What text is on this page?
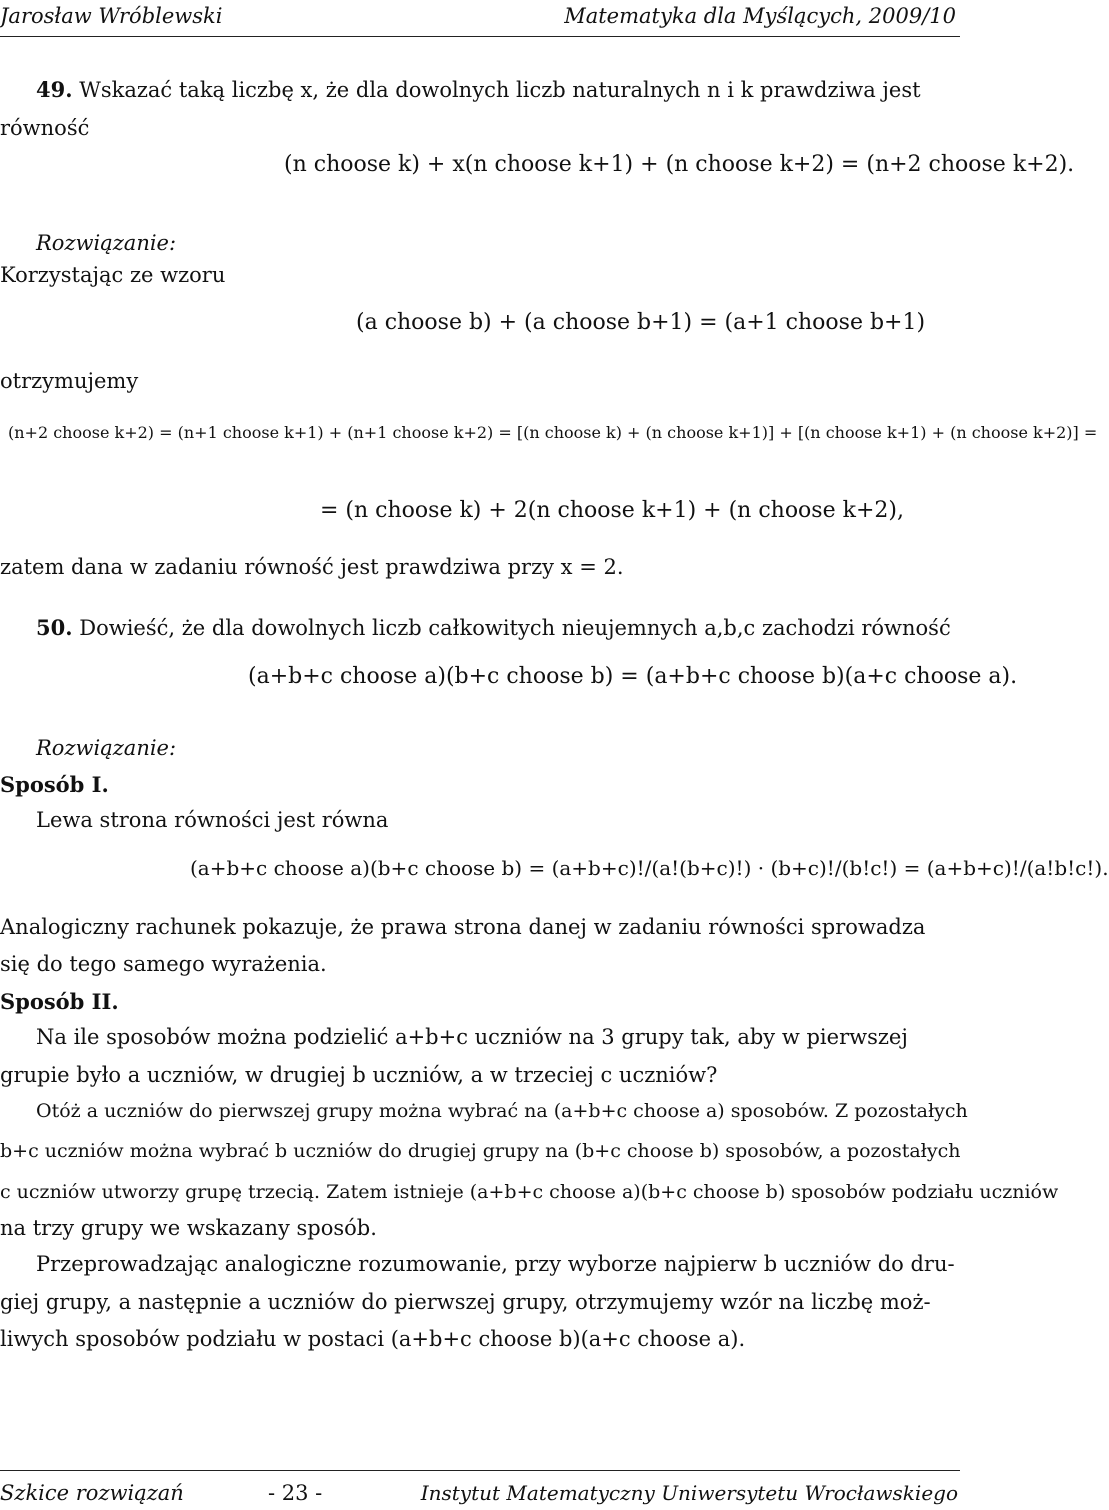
Jarosław Wróblewski	Matematyka dla Myślących, 2009/10
49. Wskazać taką liczbę x, że dla dowolnych liczb naturalnych n i k prawdziwa jest
równość
(n choose k) + x(n choose k+1) + (n choose k+2) = (n+2 choose k+2).
Rozwiązanie:
Korzystając ze wzoru
(a choose b) + (a choose b+1) = (a+1 choose b+1)
otrzymujemy
(n+2 choose k+2) = (n+1 choose k+1) + (n+1 choose k+2) = [(n choose k) + (n choose k+1)] + [(n choose k+1) + (n choose k+2)] =
= (n choose k) + 2(n choose k+1) + (n choose k+2),
zatem dana w zadaniu równość jest prawdziwa przy x = 2.
50. Dowieść, że dla dowolnych liczb całkowitych nieujemnych a,b,c zachodzi równość
(a+b+c choose a)(b+c choose b) = (a+b+c choose b)(a+c choose a).
Rozwiązanie:
Sposób I.
Lewa strona równości jest równa
(a+b+c choose a)(b+c choose b) = (a+b+c)!/(a!(b+c)!) · (b+c)!/(b!c!) = (a+b+c)!/(a!b!c!).
Analogiczny rachunek pokazuje, że prawa strona danej w zadaniu równości sprowadza
się do tego samego wyrażenia.
Sposób II.
Na ile sposobów można podzielić a+b+c uczniów na 3 grupy tak, aby w pierwszej
grupie było a uczniów, w drugiej b uczniów, a w trzeciej c uczniów?
Otóż a uczniów do pierwszej grupy można wybrać na (a+b+c choose a) sposobów. Z pozostałych
b+c uczniów można wybrać b uczniów do drugiej grupy na (b+c choose b) sposobów, a pozostałych
c uczniów utworzy grupę trzecią. Zatem istnieje (a+b+c choose a)(b+c choose b) sposobów podziału uczniów
na trzy grupy we wskazany sposób.
Przeprowadzając analogiczne rozumowanie, przy wyborze najpierw b uczniów do dru-
giej grupy, a następnie a uczniów do pierwszej grupy, otrzymujemy wzór na liczbę moż-
liwych sposobów podziału w postaci (a+b+c choose b)(a+c choose a).
Szkice rozwiązań	- 23 -	Instytut Matematyczny Uniwersytetu Wrocławskiego
